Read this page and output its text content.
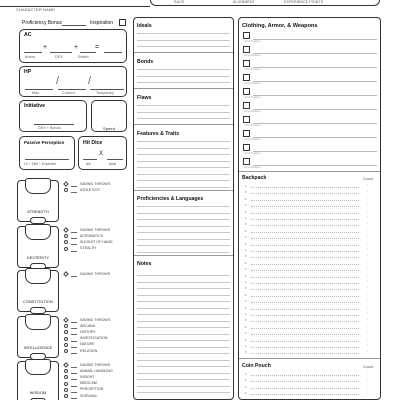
CHARACTER NAME
RACE	ALIGNMENT	EXPERIENCE POINTS
Proficiency Bonus	Inspiration
AC
+	+ =
Armor	DEX	Shield
HP
/	/
Max	Current	Temporary
Initiative
DEX + Bonus	Speed
Passive Perception
10 + Skill + Expertise
Hit Dice
X
die	total
STRENGTH
SAVING THROWS
ATHLETICS
DEXTERITY
SAVING THROWS
ACROBATICS
SLEIGHT OF HAND
STEALTH
CONSTITUTION
SAVING THROWS
INTELLIGENCE
SAVING THROWS
ARCANA
HISTORY
INVESTIGATION
NATURE
RELIGION
WISDOM
SAVING THROWS
ANIMAL HANDLING
INSIGHT
MEDICINE
PERCEPTION
SURVIVAL
Ideals
Bonds
Flaws
Features & Traits
Proficiencies & Languages
Notes
Clothing, Armor, & Weapons
Armor/weapon
Armor/weapon
Armor/weapon
Armor/weapon
Armor/weapon
Armor/weapon
Armor/weapon
Armor/weapon
Armor/weapon
Armor/weapon
Backpack	Count
•	·
•	·
•	·
•	·
•	·
•	·
•	·
•	·
•	·
•	·
•	·
•	·
•	·
•	·
•	·
•	·
•	·
•	·
•	·
•	·
•	·
•	·
•	·
•	·
•	·
•	·
•	·
Coin Pouch	Count
•	·
•	·
•	·
•	·
•	·
